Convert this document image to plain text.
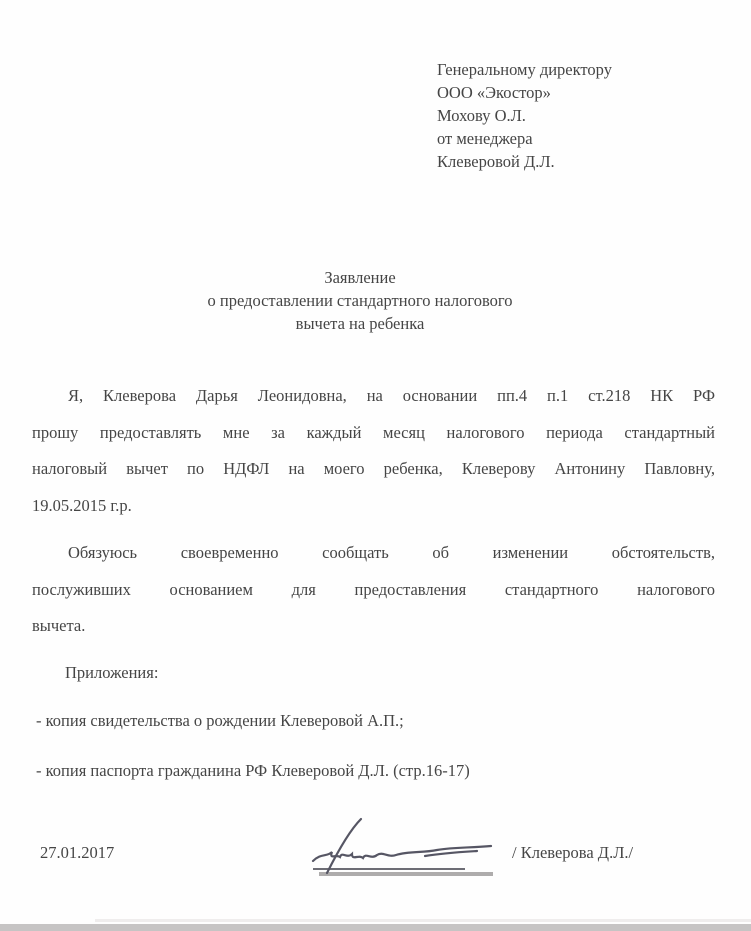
Генеральному директору
ООО «Экостор»
Мохову О.Л.
от менеджера
Клеверовой Д.Л.
Заявление
о предоставлении стандартного налогового
вычета на ребенка
Я, Клеверова Дарья Леонидовна, на основании пп.4 п.1 ст.218 НК РФ
прошу предоставлять мне за каждый месяц налогового периода стандартный
налоговый вычет по НДФЛ на моего ребенка, Клеверову Антонину Павловну,
19.05.2015 г.р.
Обязуюсь своевременно сообщать об изменении обстоятельств,
послуживших основанием для предоставления стандартного налогового
вычета.
Приложения:
- копия свидетельства о рождении Клеверовой А.П.;
- копия паспорта гражданина РФ Клеверовой Д.Л. (стр.16-17)
27.01.2017	/ Клеверова Д.Л./
